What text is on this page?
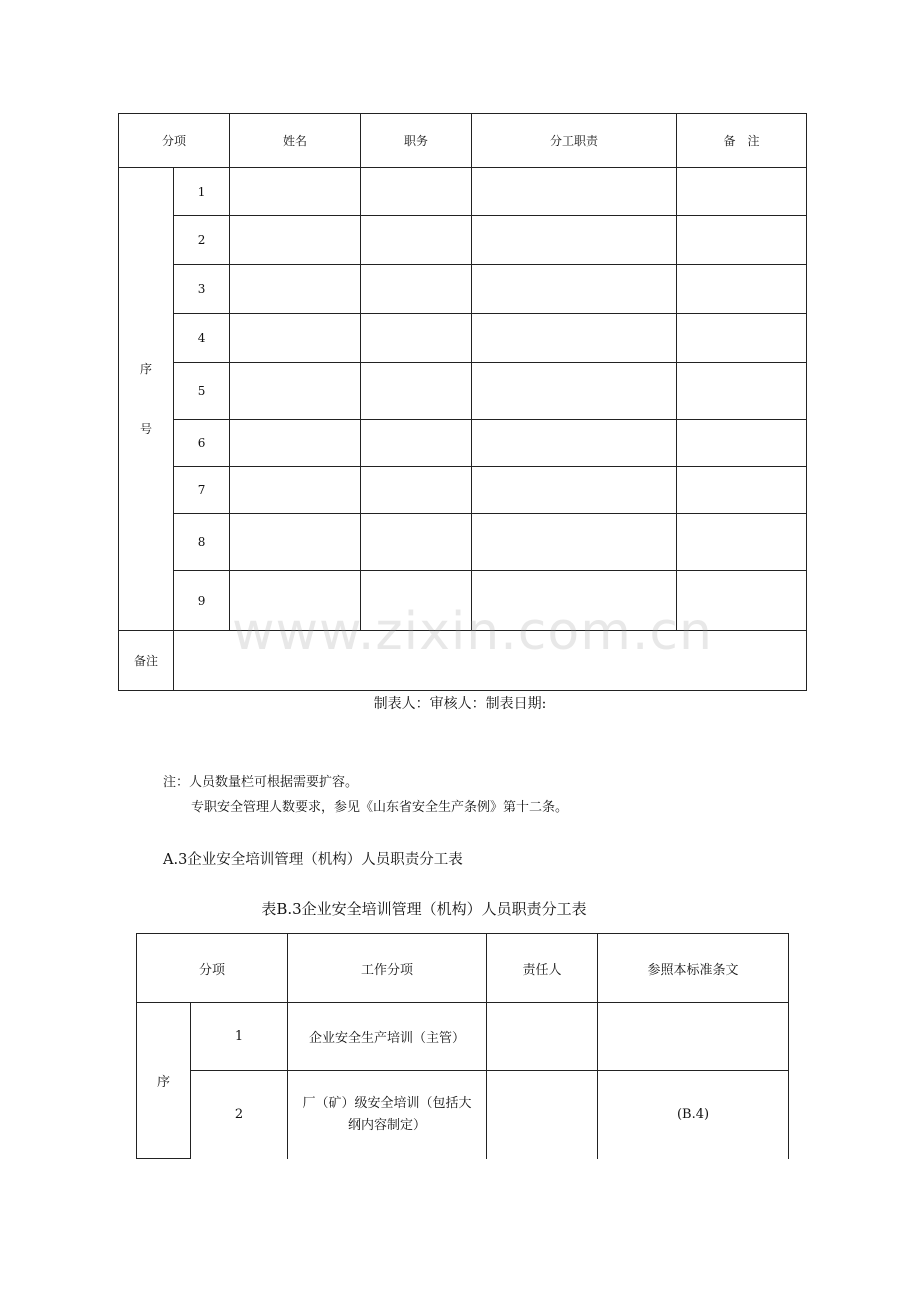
分项		姓名	职务	分工职责	备　注

序
号	1				
	2				
	3				
	4				
	5				
	6				
	7				
	8				
	9				
备注					www.zixin.com.cn
制表人：审核人：制表日期:
注：人员数量栏可根据需要扩容。
专职安全管理人数要求，参见《山东省安全生产条例》第十二条。
A.3企业安全培训管理（机构）人员职责分工表
表B.3企业安全培训管理（机构）人员职责分工表
分项		工作分项	责任人	参照本标准条文
序	1	企业安全生产培训（主管）		
	2	厂（矿）级安全培训（包括大纲内容制定）		(B.4)
